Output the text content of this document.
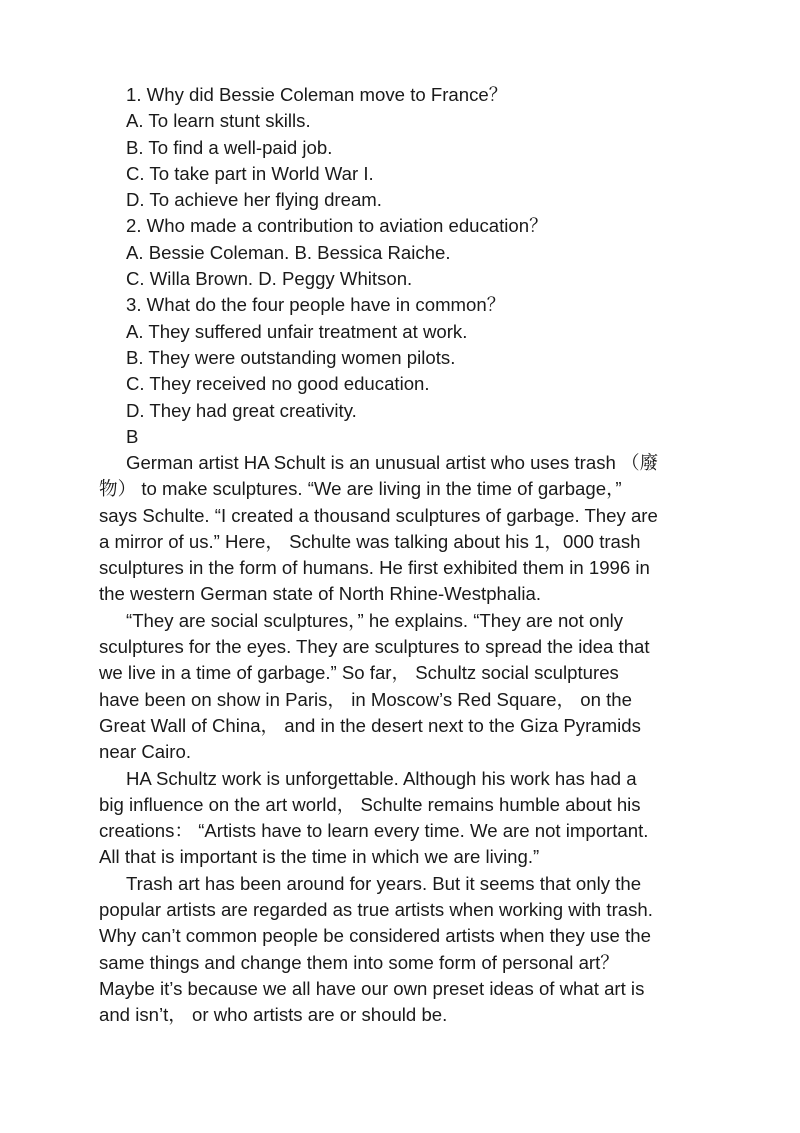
1. Why did Bessie Coleman move to France？
A. To learn stunt skills.
B. To find a well-paid job.
C. To take part in World War I.
D. To achieve her flying dream.
2. Who made a contribution to aviation education？
A. Bessie Coleman. B. Bessica Raiche.
C. Willa Brown. D. Peggy Whitson.
3. What do the four people have in common？
A. They suffered unfair treatment at work.
B. They were outstanding women pilots.
C. They received no good education.
D. They had great creativity.
B
German artist HA Schult is an unusual artist who uses trash （廢
物） to make sculptures. “We are living in the time of garbage，”
says Schulte. “I created a thousand sculptures of garbage. They are
a mirror of us.” Here， Schulte was talking about his 1，000 trash
sculptures in the form of humans. He first exhibited them in 1996 in
the western German state of North Rhine-Westphalia.
“They are social sculptures，” he explains. “They are not only
sculptures for the eyes. They are sculptures to spread the idea that
we live in a time of garbage.” So far， Schultz social sculptures
have been on show in Paris， in Moscow’s Red Square， on the
Great Wall of China， and in the desert next to the Giza Pyramids
near Cairo.
HA Schultz work is unforgettable. Although his work has had a
big influence on the art world， Schulte remains humble about his
creations： “Artists have to learn every time. We are not important.
All that is important is the time in which we are living.”
Trash art has been around for years. But it seems that only the
popular artists are regarded as true artists when working with trash.
Why can’t common people be considered artists when they use the
same things and change them into some form of personal art？
Maybe it’s because we all have our own preset ideas of what art is
and isn’t， or who artists are or should be.
